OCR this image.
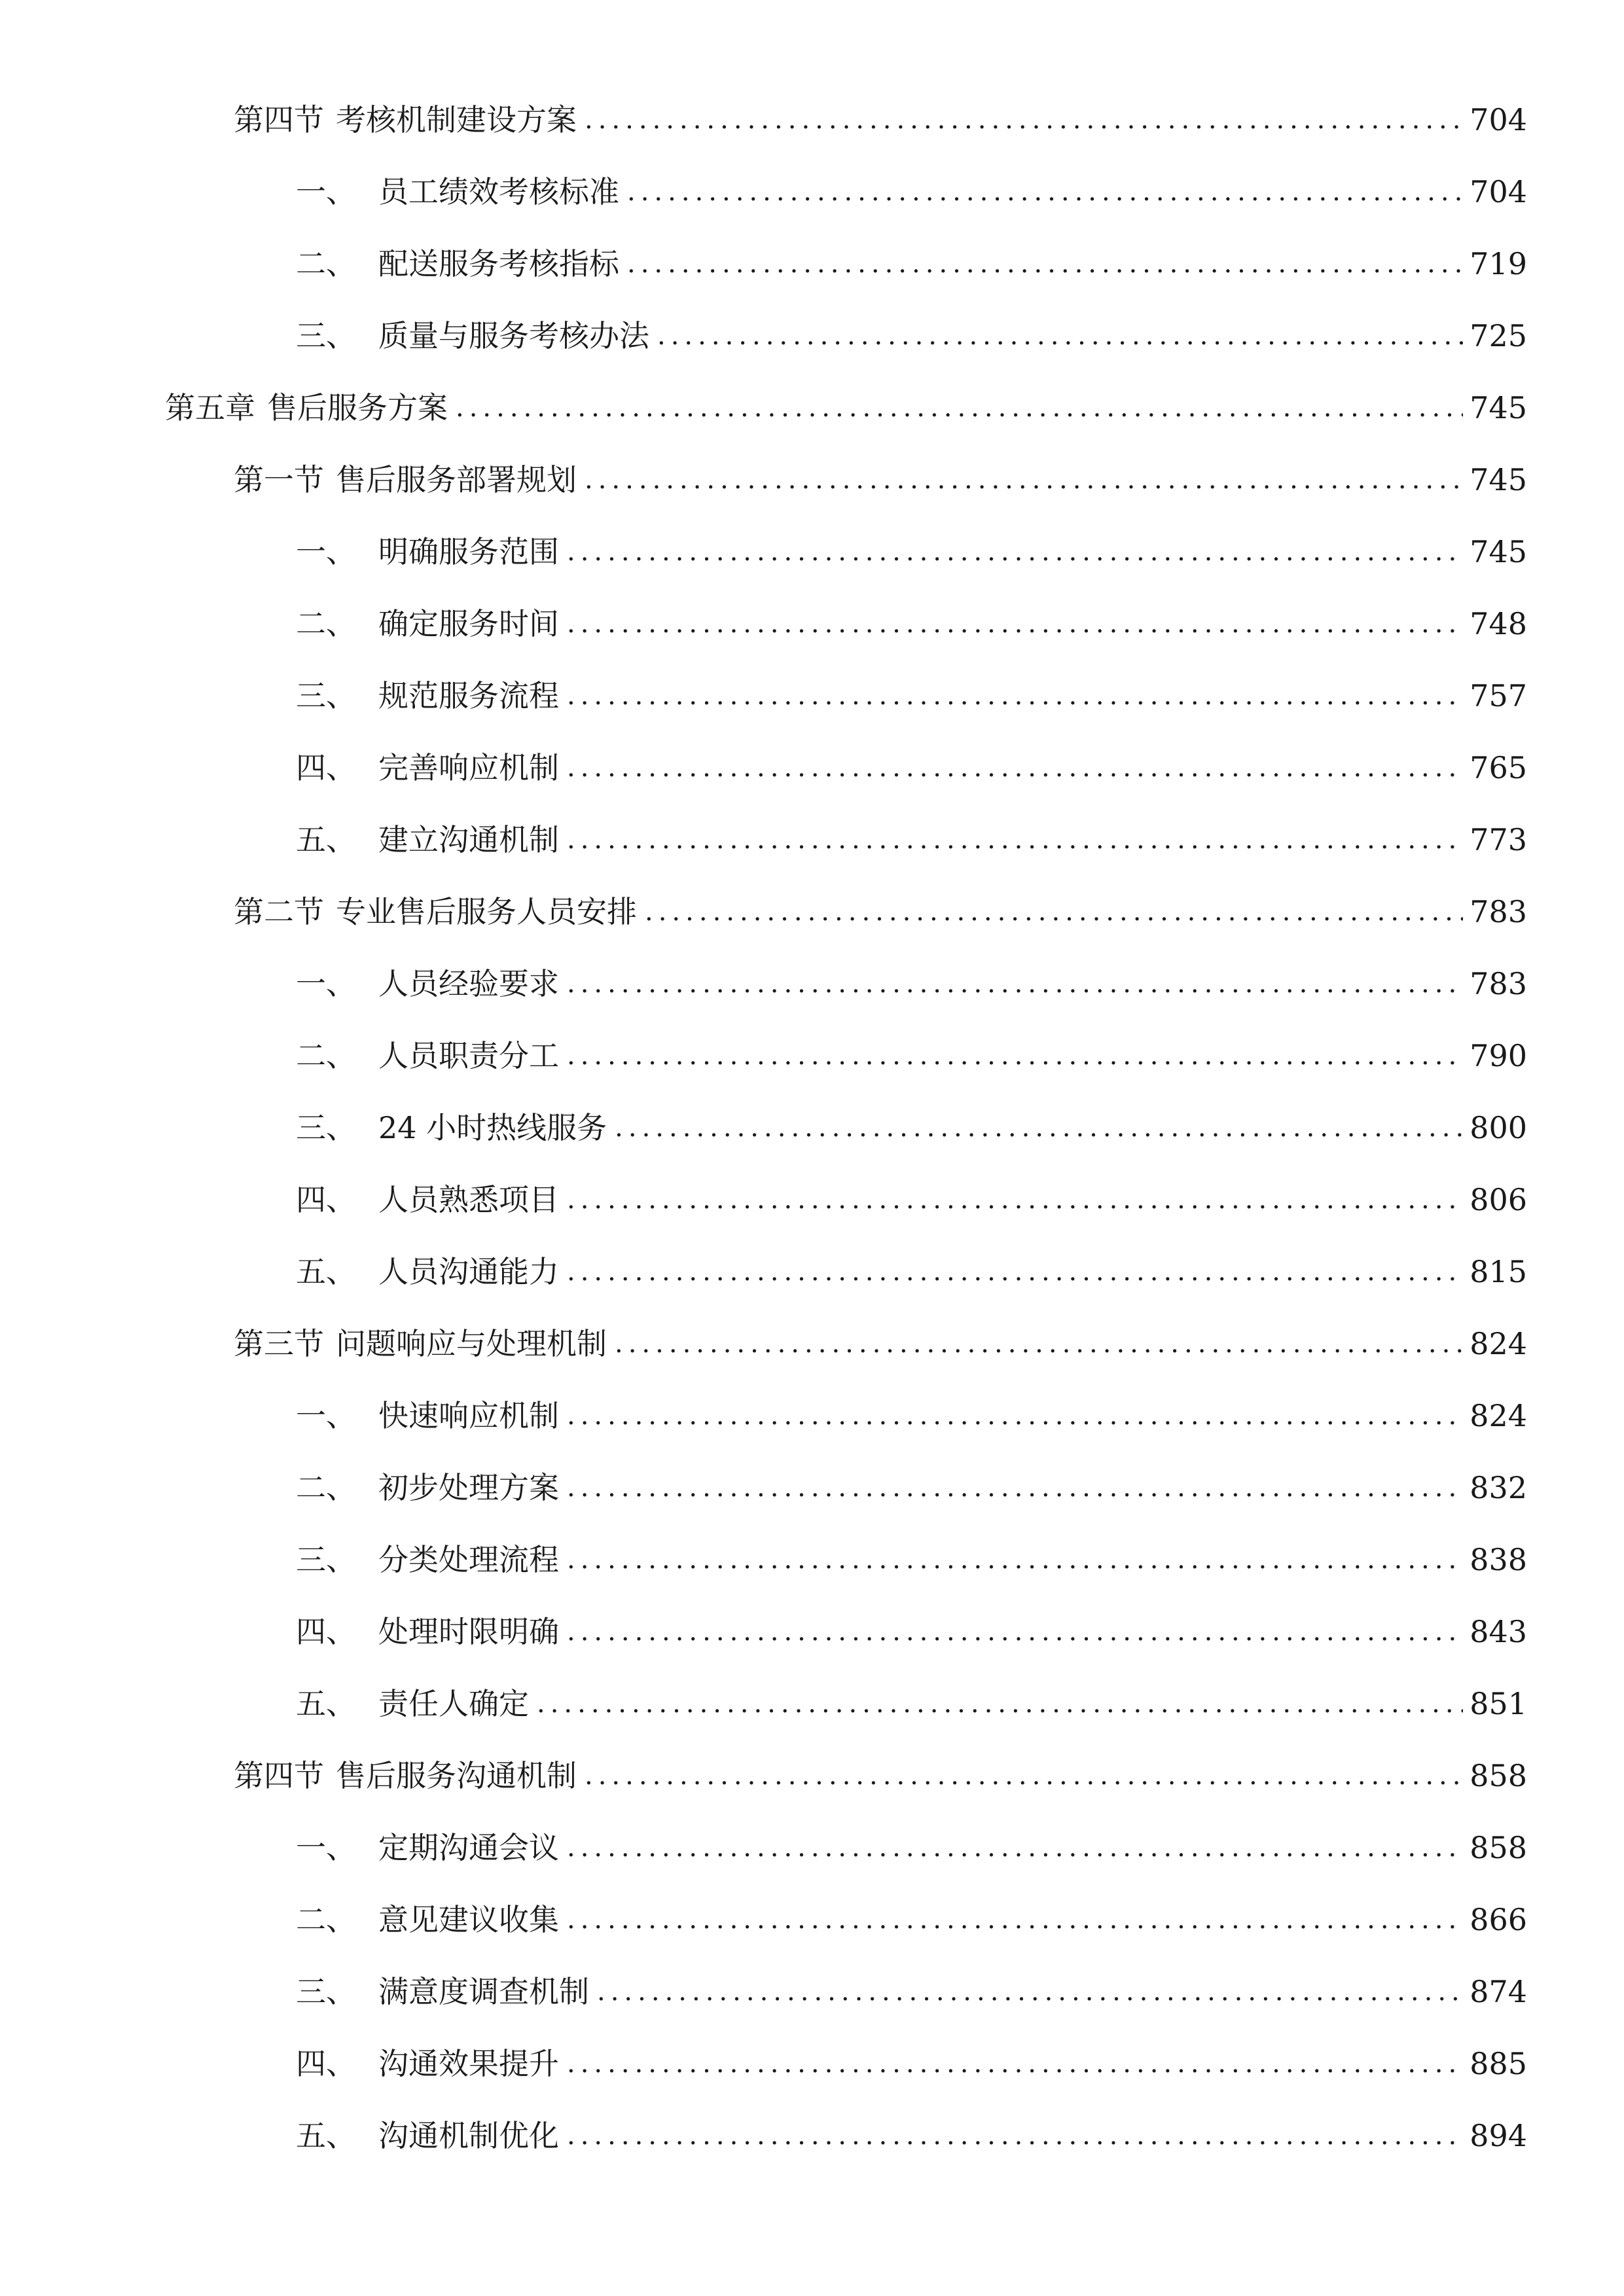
第四节 考核机制建设方案 .....	704
一、 员工绩效考核标准 .....	704
二、 配送服务考核指标 .....	719
三、 质量与服务考核办法 .....	725
第五章 售后服务方案 .....	745
第一节 售后服务部署规划 .....	745
一、 明确服务范围 .....	745
二、 确定服务时间 .....	748
三、 规范服务流程 .....	757
四、 完善响应机制 .....	765
五、 建立沟通机制 .....	773
第二节 专业售后服务人员安排 .....	783
一、 人员经验要求 .....	783
二、 人员职责分工 .....	790
三、 24 小时热线服务 .....	800
四、 人员熟悉项目 .....	806
五、 人员沟通能力 .....	815
第三节 问题响应与处理机制 .....	824
一、 快速响应机制 .....	824
二、 初步处理方案 .....	832
三、 分类处理流程 .....	838
四、 处理时限明确 .....	843
五、 责任人确定 .....	851
第四节 售后服务沟通机制 .....	858
一、 定期沟通会议 .....	858
二、 意见建议收集 .....	866
三、 满意度调查机制 .....	874
四、 沟通效果提升 .....	885
五、 沟通机制优化 .....	894
